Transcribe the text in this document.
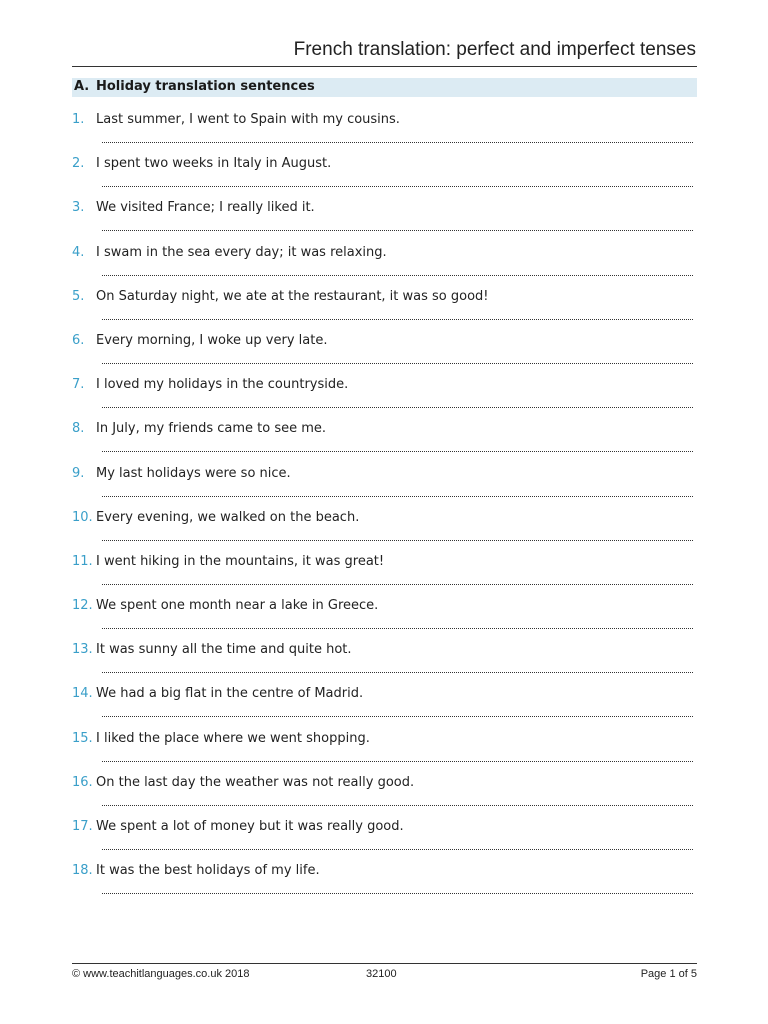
French translation: perfect and imperfect tenses
A. Holiday translation sentences
1. Last summer, I went to Spain with my cousins.
2. I spent two weeks in Italy in August.
3. We visited France; I really liked it.
4. I swam in the sea every day; it was relaxing.
5. On Saturday night, we ate at the restaurant, it was so good!
6. Every morning, I woke up very late.
7. I loved my holidays in the countryside.
8. In July, my friends came to see me.
9. My last holidays were so nice.
10. Every evening, we walked on the beach.
11. I went hiking in the mountains, it was great!
12. We spent one month near a lake in Greece.
13. It was sunny all the time and quite hot.
14. We had a big flat in the centre of Madrid.
15. I liked the place where we went shopping.
16. On the last day the weather was not really good.
17. We spent a lot of money but it was really good.
18. It was the best holidays of my life.
© www.teachitlanguages.co.uk 2018	32100	Page 1 of 5
